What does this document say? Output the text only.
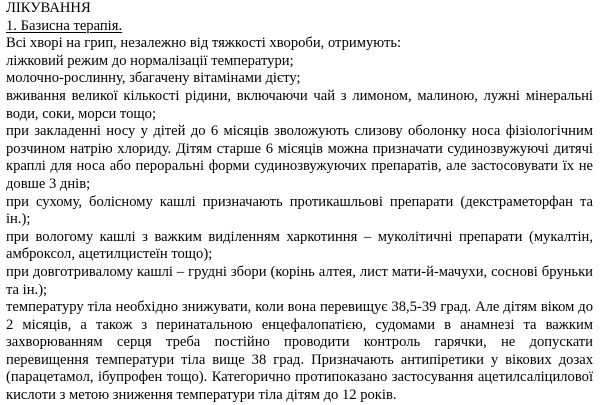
ЛІКУВАННЯ
1. Базисна терапія.

Всі хворі на грип, незалежно від тяжкості хвороби, отримують:

ліжковий режим до нормалізації температури;

молочно-рослинну, збагачену вітамінами дієту;

вживання великої кількості рідини, включаючи чай з лимоном, малиною, лужні мінеральні води, соки, морси тощо;

при закладенні носу у дітей до 6 місяців зволожують слизову оболонку носа фізіологічним розчином натрію хлориду. Дітям старше 6 місяців можна призначати судинозвужуючі дитячі краплі для носа або пероральні форми судинозвужуючих препаратів, але застосовувати їх не довше 3 днів;

при сухому, болісному кашлі призначають протикашльові препарати (декстраметорфан та ін.);

при вологому кашлі з важким виділенням харкотиння – муколітичні препарати (мукалтін, амброксол, ацетилцистеїн тощо);

при довготривалому кашлі – грудні збори (корінь алтея, лист мати-й-мачухи, соснові бруньки та ін.);

температуру тіла необхідно знижувати, коли вона перевищує 38,5-39 град. Але дітям віком до 2 місяців, а також з перинатальною енцефалопатією, судомами в анамнезі та важким захворюванням серця треба постійно проводити контроль гарячки, не допускати перевищення температури тіла вище 38 град. Призначають антипіретики у вікових дозах (парацетамол, ібупрофен тощо). Категорично протипоказано застосування ацетилсаліцилової кислоти з метою зниження температури тіла дітям до 12 років.
